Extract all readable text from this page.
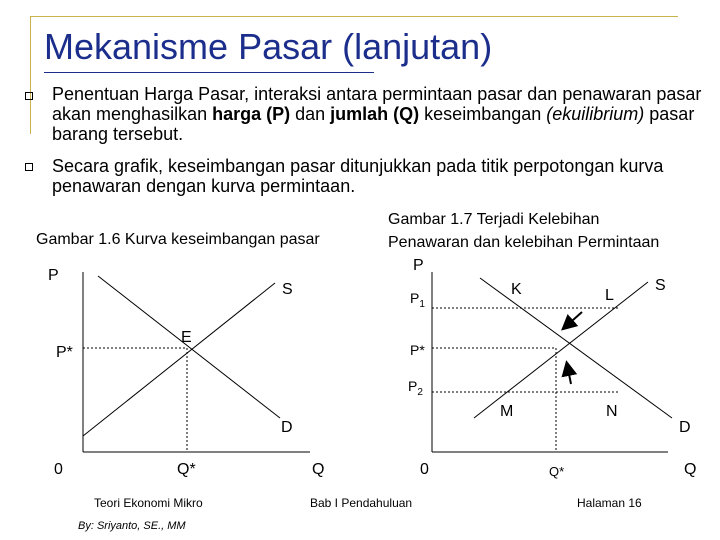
Mekanisme Pasar (lanjutan)
Penentuan Harga Pasar, interaksi antara permintaan pasar dan penawaran pasar akan menghasilkan harga (P) dan jumlah (Q) keseimbangan (ekuilibrium) pasar barang tersebut.
Secara grafik, keseimbangan pasar ditunjukkan pada titik perpotongan kurva penawaran dengan kurva permintaan.
Gambar 1.6 Kurva keseimbangan pasar
Gambar 1.7 Terjadi Kelebihan
Penawaran dan kelebihan Permintaan
P
S
E
P*
D
0	Q*	Q
P
$P_1$
K	L
S
P*
$P_2$
M	N
D
0	Q*	Q
Teori Ekonomi Mikro
By: Sriyanto, SE., MM
Bab I Pendahuluan	Halaman 16
